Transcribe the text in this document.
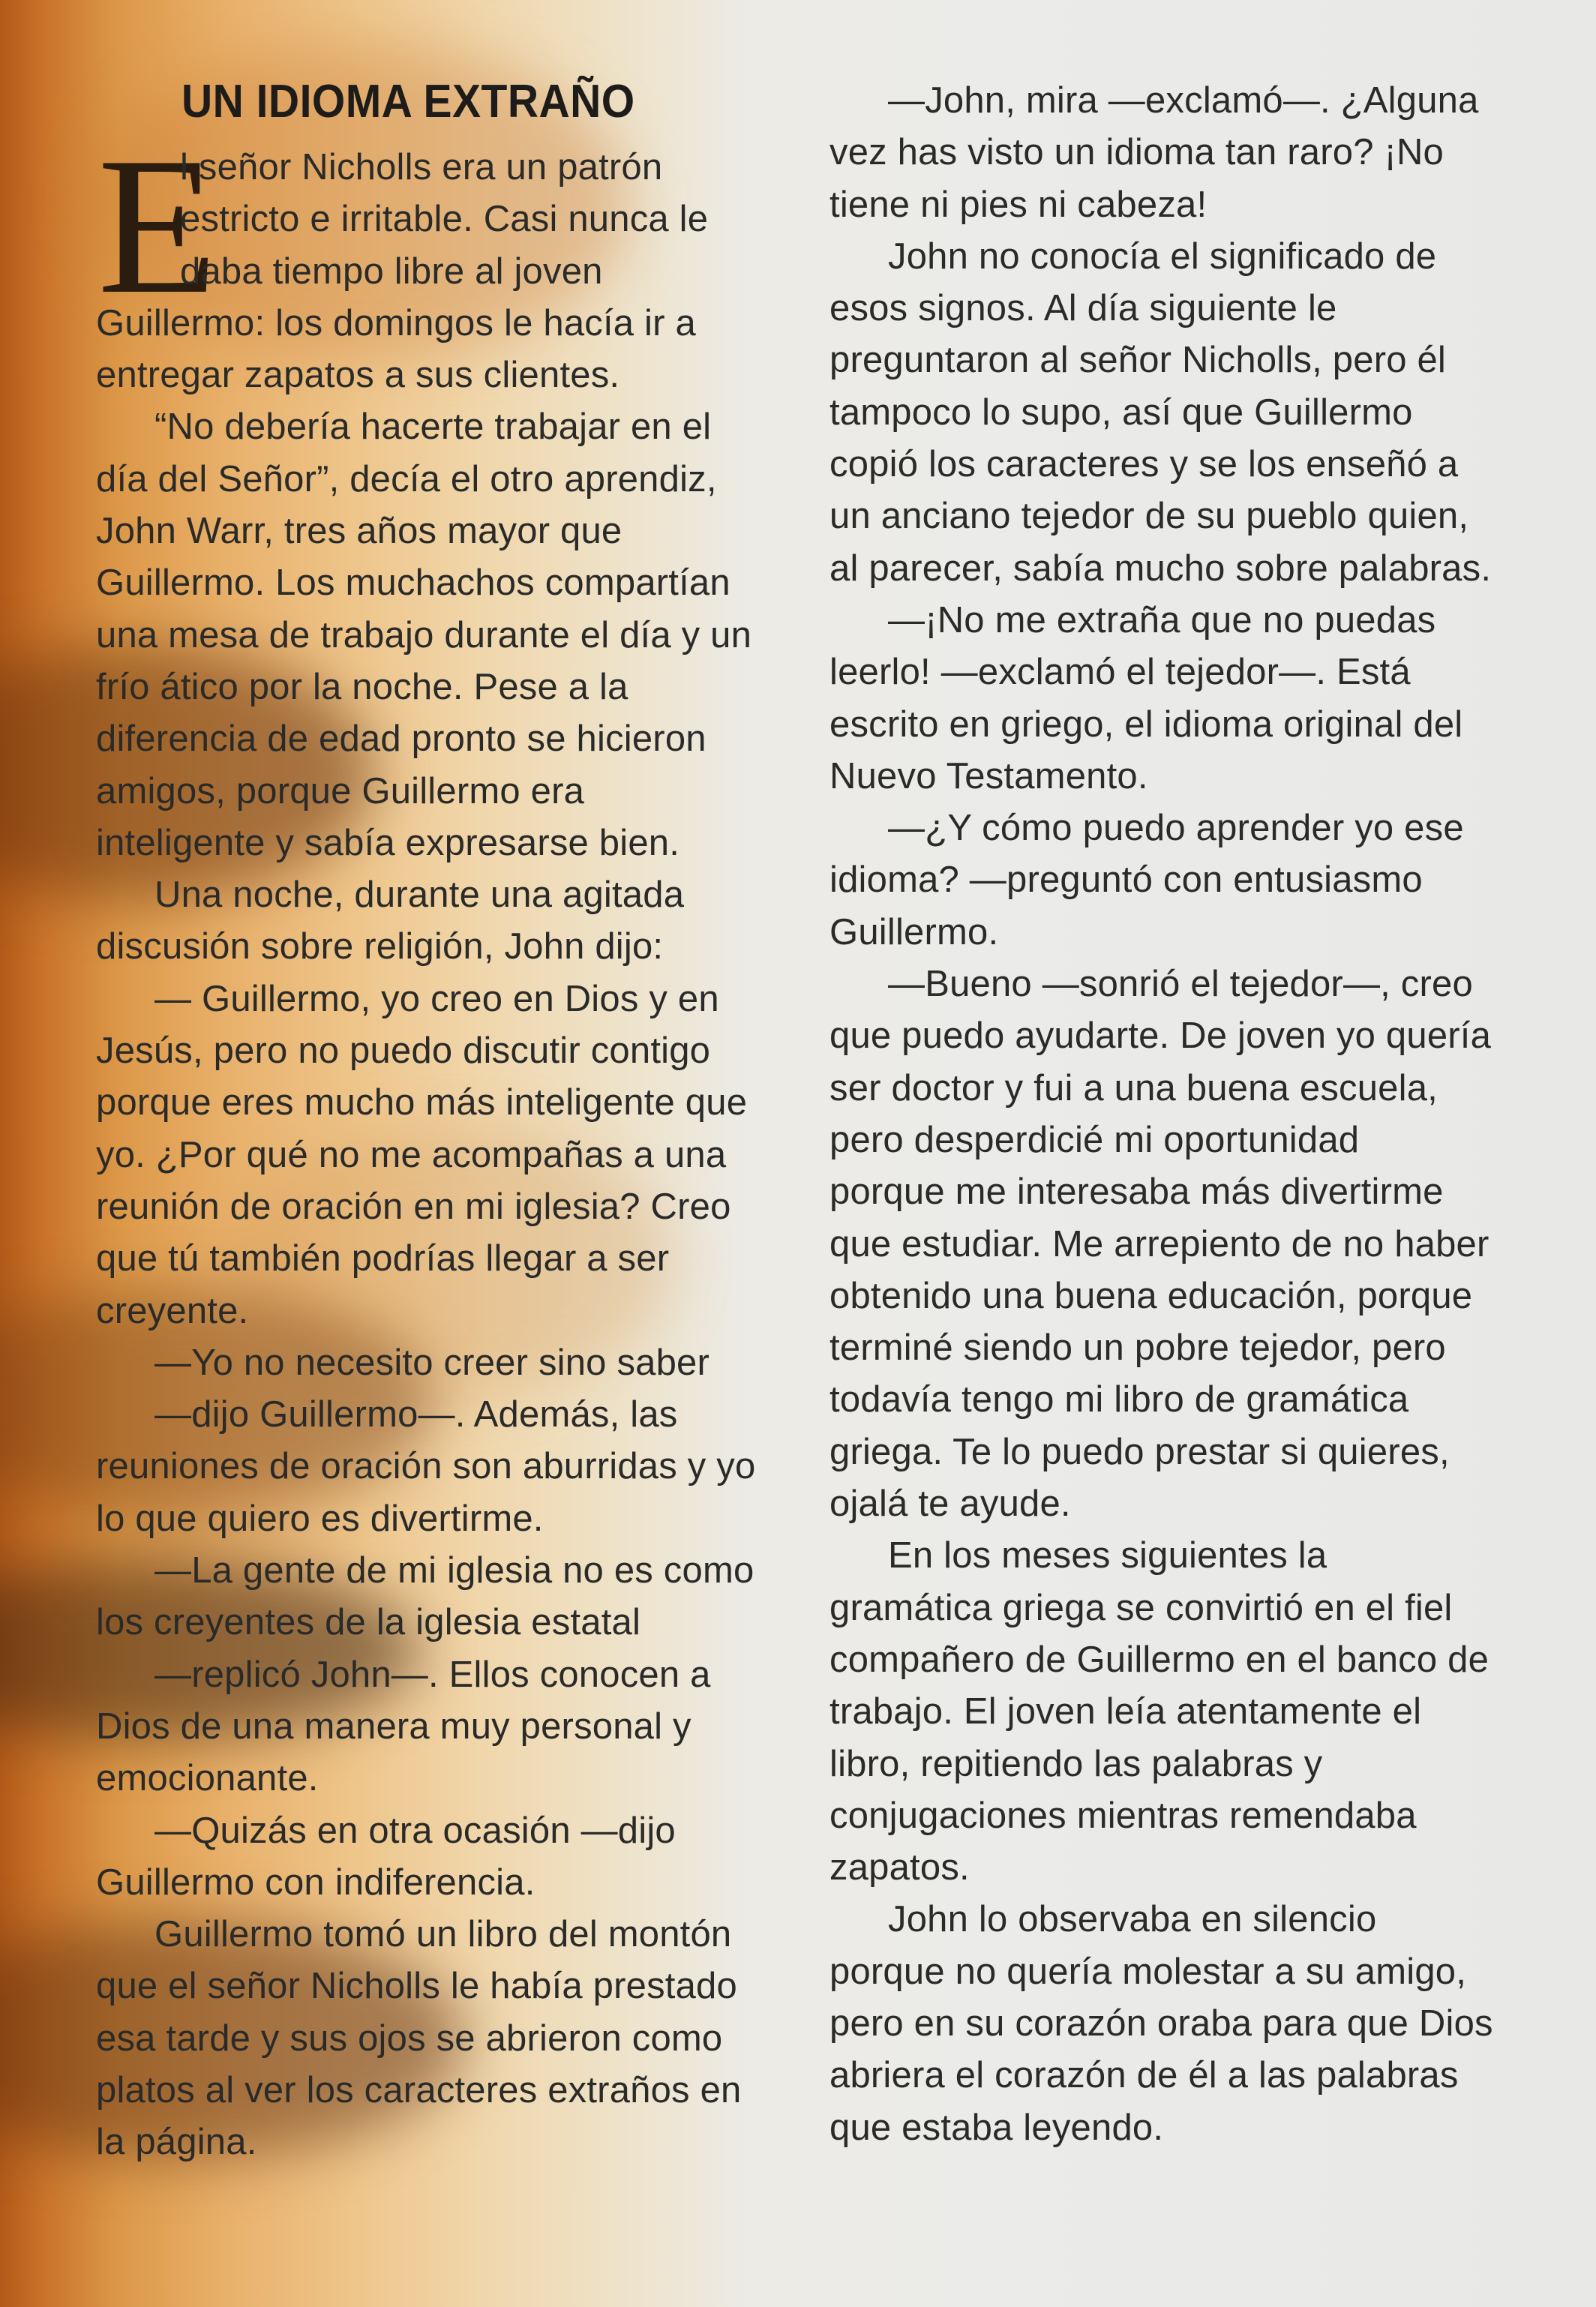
UN IDIOMA EXTRAÑO
E
l señor Nicholls era un patrón
estricto e irritable. Casi nunca le
daba tiempo libre al joven
Guillermo: los domingos le hacía ir a
entregar zapatos a sus clientes.
“No debería hacerte trabajar en el
día del Señor”, decía el otro aprendiz,
John Warr, tres años mayor que
Guillermo. Los muchachos compartían
una mesa de trabajo durante el día y un
frío ático por la noche. Pese a la
diferencia de edad pronto se hicieron
amigos, porque Guillermo era
inteligente y sabía expresarse bien.
Una noche, durante una agitada
discusión sobre religión, John dijo:
— Guillermo, yo creo en Dios y en
Jesús, pero no puedo discutir contigo
porque eres mucho más inteligente que
yo. ¿Por qué no me acompañas a una
reunión de oración en mi iglesia? Creo
que tú también podrías llegar a ser
creyente.
—Yo no necesito creer sino saber
—dijo Guillermo—. Además, las
reuniones de oración son aburridas y yo
lo que quiero es divertirme.
—La gente de mi iglesia no es como
los creyentes de la iglesia estatal
—replicó John—. Ellos conocen a
Dios de una manera muy personal y
emocionante.
—Quizás en otra ocasión —dijo
Guillermo con indiferencia.
Guillermo tomó un libro del montón
que el señor Nicholls le había prestado
esa tarde y sus ojos se abrieron como
platos al ver los caracteres extraños en
la página.
—John, mira —exclamó—. ¿Alguna
vez has visto un idioma tan raro? ¡No
tiene ni pies ni cabeza!
John no conocía el significado de
esos signos. Al día siguiente le
preguntaron al señor Nicholls, pero él
tampoco lo supo, así que Guillermo
copió los caracteres y se los enseñó a
un anciano tejedor de su pueblo quien,
al parecer, sabía mucho sobre palabras.
—¡No me extraña que no puedas
leerlo! —exclamó el tejedor—. Está
escrito en griego, el idioma original del
Nuevo Testamento.
—¿Y cómo puedo aprender yo ese
idioma? —preguntó con entusiasmo
Guillermo.
—Bueno —sonrió el tejedor—, creo
que puedo ayudarte. De joven yo quería
ser doctor y fui a una buena escuela,
pero desperdicié mi oportunidad
porque me interesaba más divertirme
que estudiar. Me arrepiento de no haber
obtenido una buena educación, porque
terminé siendo un pobre tejedor, pero
todavía tengo mi libro de gramática
griega. Te lo puedo prestar si quieres,
ojalá te ayude.
En los meses siguientes la
gramática griega se convirtió en el fiel
compañero de Guillermo en el banco de
trabajo. El joven leía atentamente el
libro, repitiendo las palabras y
conjugaciones mientras remendaba
zapatos.
John lo observaba en silencio
porque no quería molestar a su amigo,
pero en su corazón oraba para que Dios
abriera el corazón de él a las palabras
que estaba leyendo.
